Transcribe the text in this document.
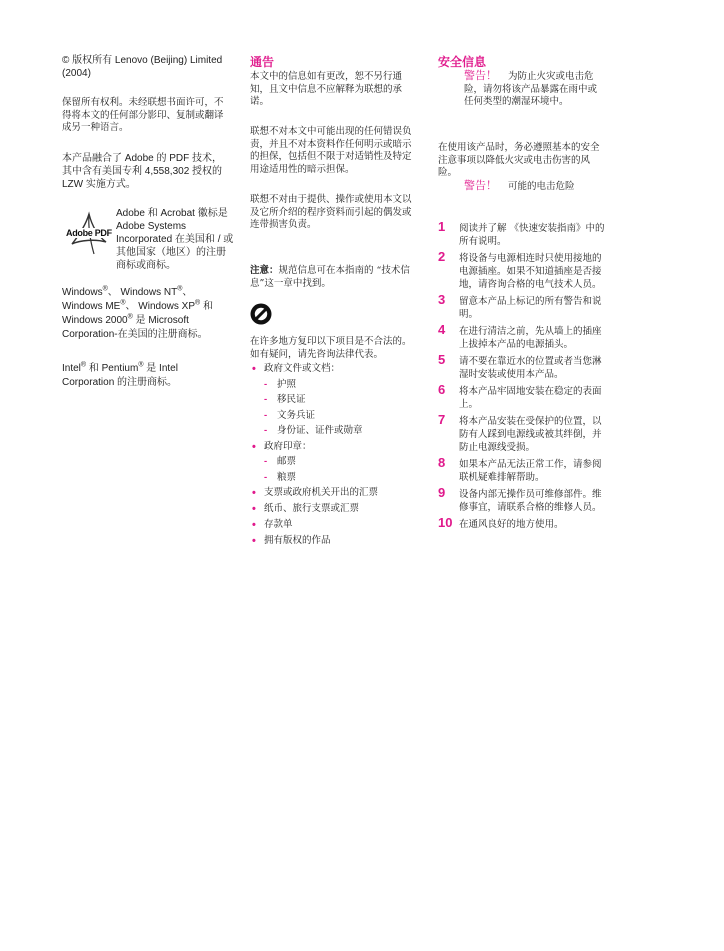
© 版权所有 Lenovo (Beijing) Limited (2004)

保留所有权利。未经联想书面许可，不得将本文的任何部分影印、复制或翻译成另一种语言。

本产品融合了 Adobe 的 PDF 技术，其中含有美国专利 4,558,302 授权的 LZW 实施方式。

Adobe PDF

Adobe 和 Acrobat 徽标是 Adobe Systems Incorporated 在美国和 / 或其他国家（地区）的注册商标或商标。

Windows®、 Windows NT®、 Windows ME®、 Windows XP® 和 Windows 2000® 是 Microsoft Corporation-在美国的注册商标。

Intel® 和 Pentium® 是 Intel Corporation 的注册商标。

通告

本文中的信息如有更改，恕不另行通知，且文中信息不应解释为联想的承诺。

联想不对本文中可能出现的任何错误负责，并且不对本资料作任何明示或暗示的担保，包括但不限于对适销性及特定用途适用性的暗示担保。

联想不对由于提供、操作或使用本文以及它所介绍的程序资料而引起的偶发或连带损害负责。

注意：规范信息可在本指南的 “技术信息”这一章中找到。

在许多地方复印以下项目是不合法的。如有疑问，请先咨询法律代表。

• 政府文件或文档：
- 护照
- 移民证
- 文务兵证
- 身份证、证件或勋章
• 政府印章：
- 邮票
- 粮票
• 支票或政府机关开出的汇票
• 纸币、旅行支票或汇票
• 存款单
• 拥有版权的作品
安全信息
警告！ 为防止火灾或电击危险，请勿将该产品暴露在雨中或任何类型的潮湿环境中。

在使用该产品时，务必遵照基本的安全注意事项以降低火灾或电击伤害的风险。

警告！ 可能的电击危险
1 阅读并了解 《快速安装指南》中的所有说明。
2 将设备与电源相连时只使用接地的电源插座。如果不知道插座是否接地，请咨询合格的电气技术人员。
3 留意本产品上标记的所有警告和说明。
4 在进行清洁之前，先从墙上的插座上拔掉本产品的电源插头。
5 请不要在靠近水的位置或者当您淋湿时安装或使用本产品。
6 将本产品牢固地安装在稳定的表面上。
7 将本产品安装在受保护的位置，以防有人踩到电源线或被其绊倒，并防止电源线受损。
8 如果本产品无法正常工作，请参阅联机疑难排解帮助。
9 设备内部无操作员可维修部件。维修事宜，请联系合格的维修人员。
10 在通风良好的地方使用。
